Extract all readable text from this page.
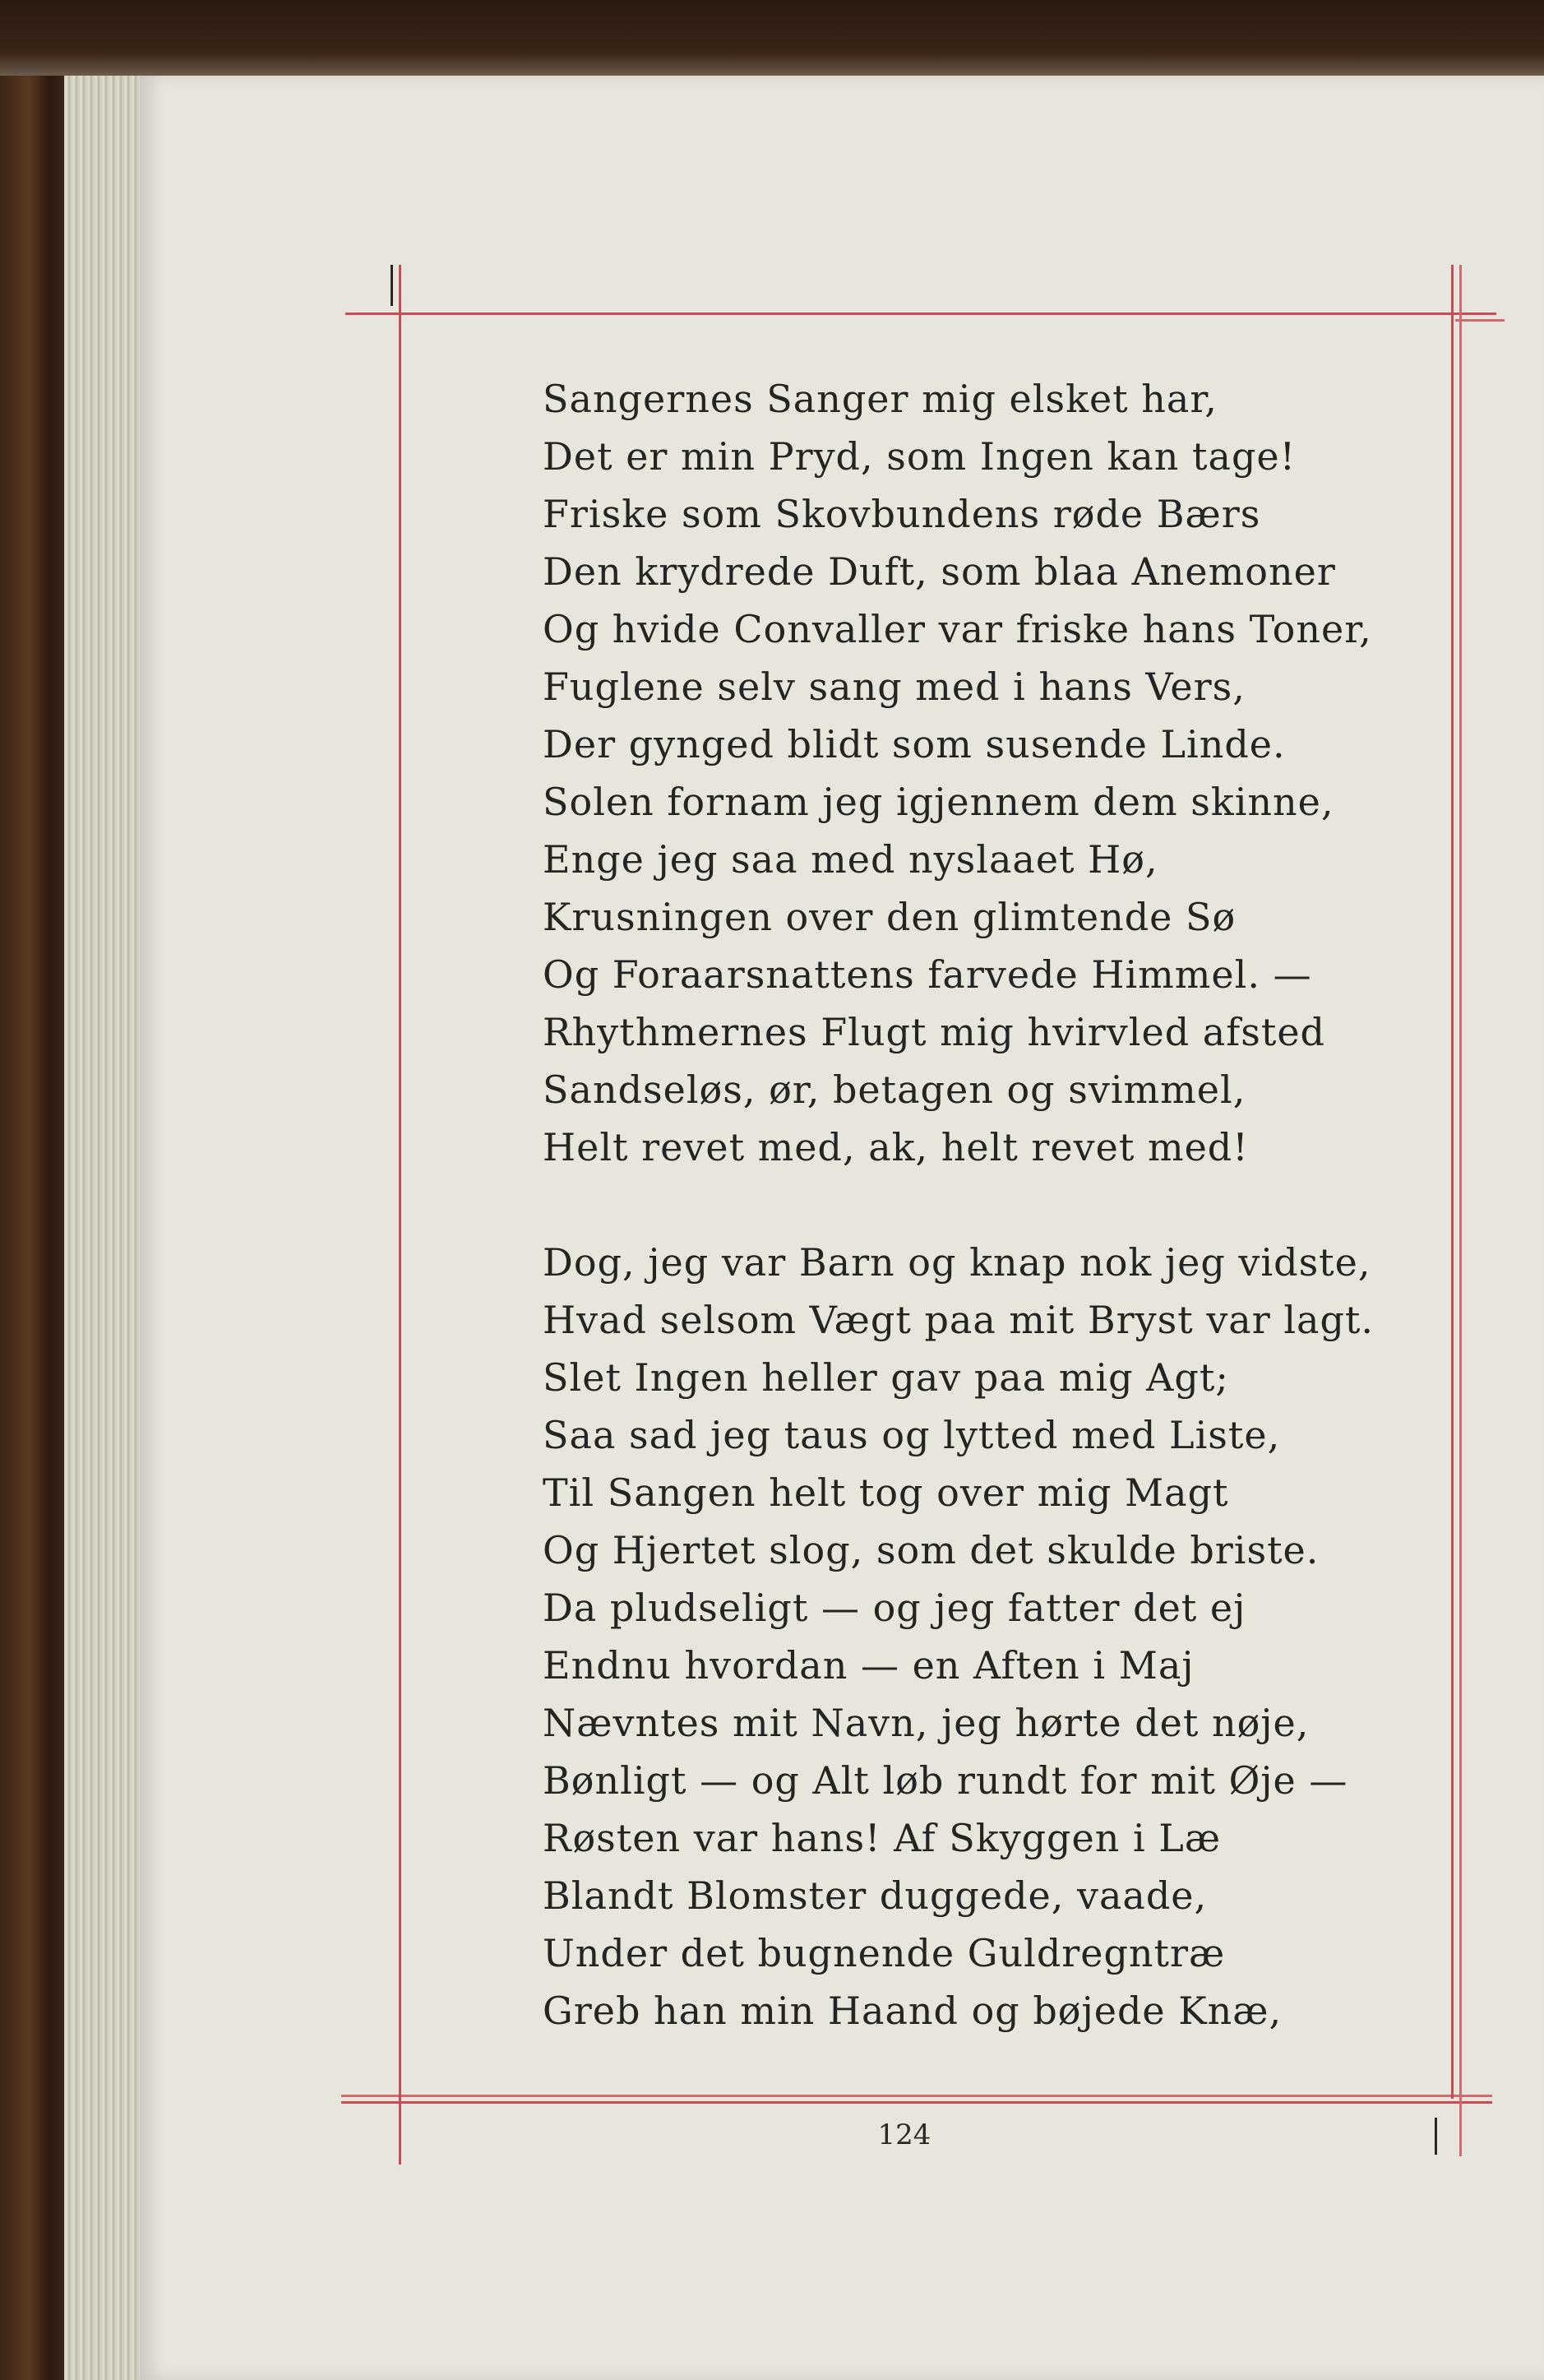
Sangernes Sanger mig elsket har,
Det er min Pryd, som Ingen kan tage!
Friske som Skovbundens røde Bærs
Den krydrede Duft, som blaa Anemoner
Og hvide Convaller var friske hans Toner,
Fuglene selv sang med i hans Vers,
Der gynged blidt som susende Linde.
Solen fornam jeg igjennem dem skinne,
Enge jeg saa med nyslaaet Hø,
Krusningen over den glimtende Sø
Og Foraarsnattens farvede Himmel. —
Rhythmernes Flugt mig hvirvled afsted
Sandseløs, ør, betagen og svimmel,
Helt revet med, ak, helt revet med!
Dog, jeg var Barn og knap nok jeg vidste,
Hvad selsom Vægt paa mit Bryst var lagt.
Slet Ingen heller gav paa mig Agt;
Saa sad jeg taus og lytted med Liste,
Til Sangen helt tog over mig Magt
Og Hjertet slog, som det skulde briste.
Da pludseligt — og jeg fatter det ej
Endnu hvordan — en Aften i Maj
Nævntes mit Navn, jeg hørte det nøje,
Bønligt — og Alt løb rundt for mit Øje —
Røsten var hans! Af Skyggen i Læ
Blandt Blomster duggede, vaade,
Under det bugnende Guldregntræ
Greb han min Haand og bøjede Knæ,
124
